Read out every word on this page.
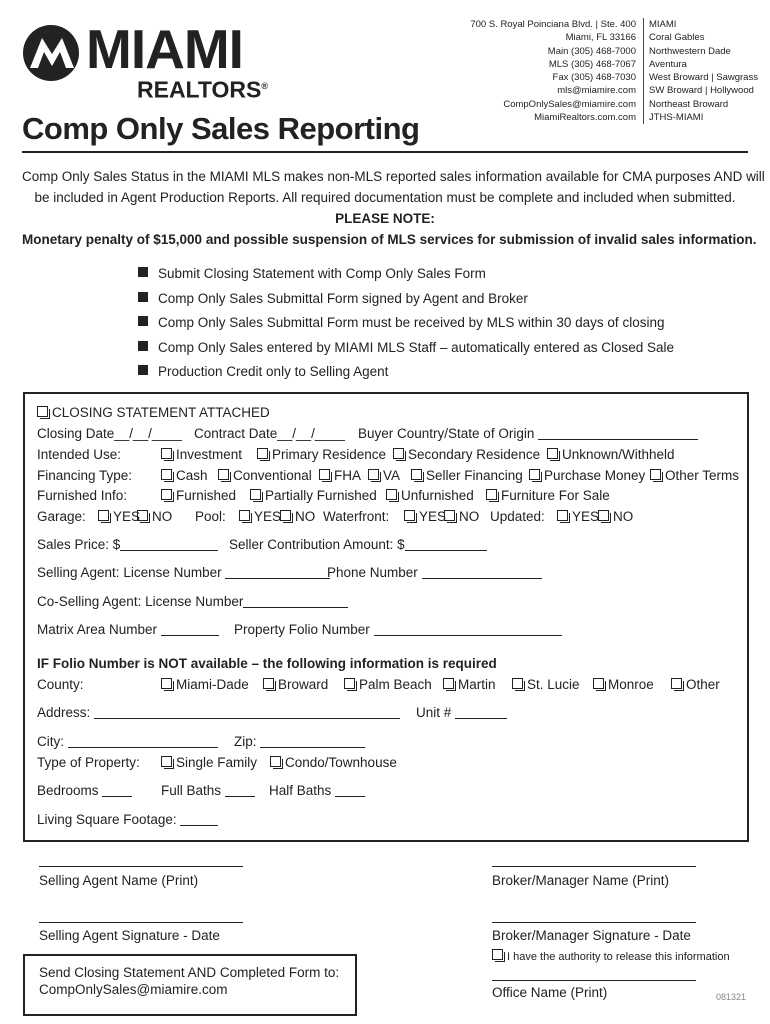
MIAMI
REALTORS®
Comp Only Sales Reporting
700 S. Royal Poinciana Blvd. | Ste. 400
Miami, FL 33166
Main (305) 468-7000
MLS (305) 468-7067
Fax (305) 468-7030
mls@miamire.com
CompOnlySales@miamire.com
MiamiRealtors.com.com
MIAMI
Coral Gables
Northwestern Dade
Aventura
West Broward | Sawgrass
SW Broward | Hollywood
Northeast Broward
JTHS-MIAMI
Comp Only Sales Status in the MIAMI MLS makes non-MLS reported sales information available for CMA purposes AND will
be included in Agent Production Reports. All required documentation must be complete and included when submitted.
PLEASE NOTE:
Monetary penalty of $15,000 and possible suspension of MLS services for submission of invalid sales information.
Submit Closing Statement with Comp Only Sales Form
Comp Only Sales Submittal Form signed by Agent and Broker
Comp Only Sales Submittal Form must be received by MLS within 30 days of closing
Comp Only Sales entered by MIAMI MLS Staff – automatically entered as Closed Sale
Production Credit only to Selling Agent
CLOSING STATEMENT ATTACHED
Closing Date__/__/____ Contract Date__/__/____ Buyer Country/State of Origin
Intended Use:	Investment	Primary Residence	Secondary Residence	Unknown/Withheld
Financing Type:	Cash	Conventional	FHA	VA	Seller Financing	Purchase Money	Other Terms
Furnished Info:	Furnished	Partially Furnished	Unfurnished	Furniture For Sale
Garage:	YES NO Pool:	YES	NO Waterfront:	YES NO Updated:	YES	NO
Sales Price: $	Seller Contribution Amount: $
Selling Agent: License Number	Phone Number
Co-Selling Agent: License Number
Matrix Area Number	Property Folio Number
IF Folio Number is NOT available – the following information is required
County:	Miami-Dade	Broward	Palm Beach	Martin	St. Lucie	Monroe	Other
Address:	Unit #
City:	Zip:
Type of Property:	Single Family	Condo/Townhouse
Bedrooms	Full Baths	Half Baths
Living Square Footage:
Selling Agent Name (Print)	Broker/Manager Name (Print)
Selling Agent Signature - Date	Broker/Manager Signature - Date
I have the authority to release this information
Office Name (Print)	081321
Send Closing Statement AND Completed Form to:
CompOnlySales@miamire.com
